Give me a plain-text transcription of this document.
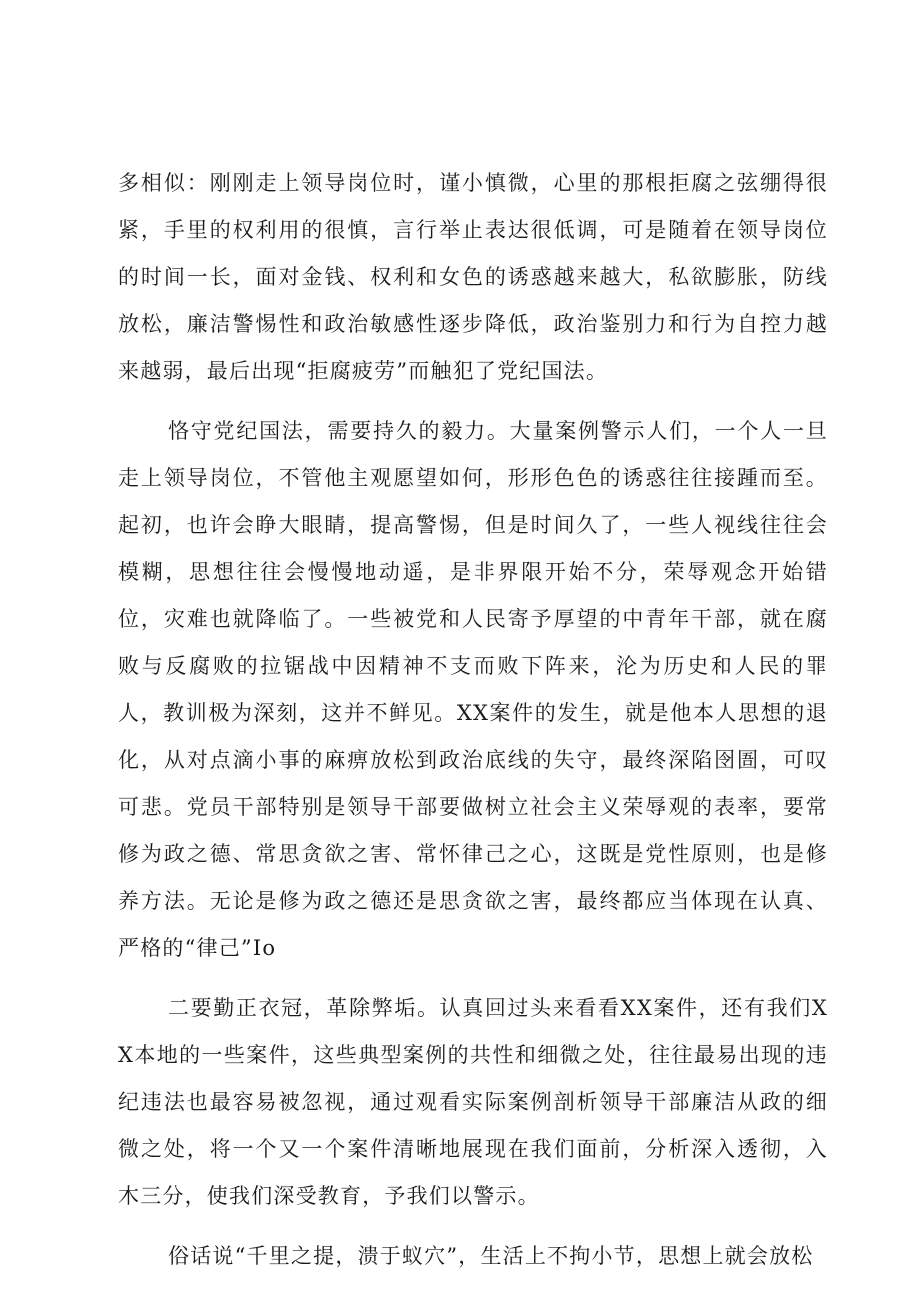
多相似：刚刚走上领导岗位时，谨小慎微，心里的那根拒腐之弦绷得很紧，手里的权利用的很慎，言行举止表达很低调，可是随着在领导岗位的时间一长，面对金钱、权利和女色的诱惑越来越大，私欲膨胀，防线放松，廉洁警惕性和政治敏感性逐步降低，政治鉴别力和行为自控力越来越弱，最后出现“拒腐疲劳”而触犯了党纪国法。

恪守党纪国法，需要持久的毅力。大量案例警示人们，一个人一旦走上领导岗位，不管他主观愿望如何，形形色色的诱惑往往接踵而至。起初，也许会睁大眼睛，提高警惕，但是时间久了，一些人视线往往会模糊，思想往往会慢慢地动遥，是非界限开始不分，荣辱观念开始错位，灾难也就降临了。一些被党和人民寄予厚望的中青年干部，就在腐败与反腐败的拉锯战中因精神不支而败下阵来，沦为历史和人民的罪人，教训极为深刻，这并不鲜见。XX案件的发生，就是他本人思想的退化，从对点滴小事的麻痹放松到政治底线的失守，最终深陷囹圄，可叹可悲。党员干部特别是领导干部要做树立社会主义荣辱观的表率，要常修为政之德、常思贪欲之害、常怀律己之心，这既是党性原则，也是修养方法。无论是修为政之德还是思贪欲之害，最终都应当体现在认真、严格的“律己”Io

二要勤正衣冠，革除弊垢。认真回过头来看看XX案件，还有我们XX本地的一些案件，这些典型案例的共性和细微之处，往往最易出现的违纪违法也最容易被忽视，通过观看实际案例剖析领导干部廉洁从政的细微之处，将一个又一个案件清晰地展现在我们面前，分析深入透彻，入木三分，使我们深受教育，予我们以警示。

俗话说“千里之提，溃于蚁穴”，生活上不拘小节，思想上就会放松
